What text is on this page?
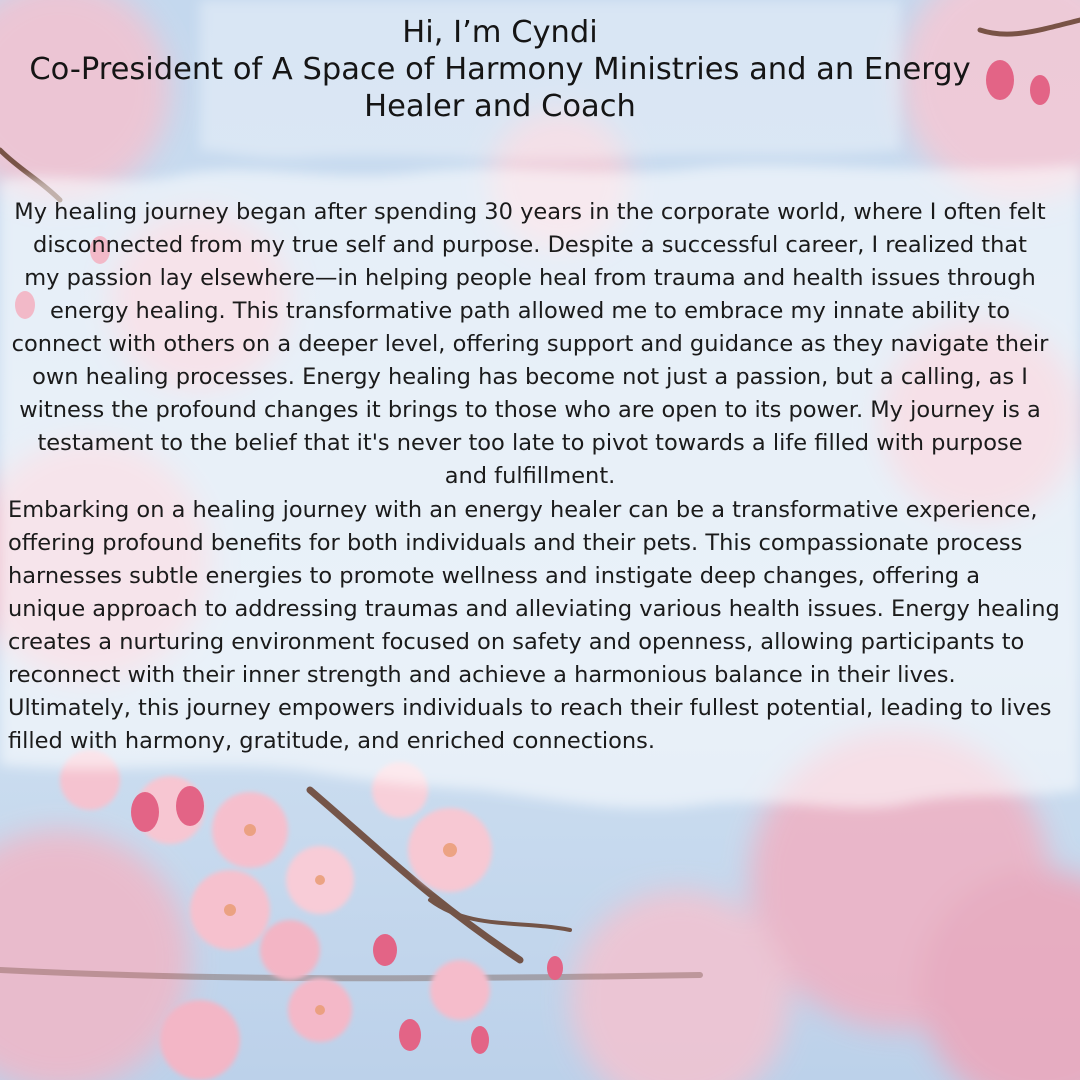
Hi, I’m Cyndi
Co-President of A Space of Harmony Ministries and an Energy
Healer and Coach
My healing journey began after spending 30 years in the corporate world, where I often felt
disconnected from my true self and purpose. Despite a successful career, I realized that
my passion lay elsewhere—in helping people heal from trauma and health issues through
energy healing. This transformative path allowed me to embrace my innate ability to
connect with others on a deeper level, offering support and guidance as they navigate their
own healing processes. Energy healing has become not just a passion, but a calling, as I
witness the profound changes it brings to those who are open to its power. My journey is a
testament to the belief that it's never too late to pivot towards a life filled with purpose
and fulfillment.
Embarking on a healing journey with an energy healer can be a transformative experience,
offering profound benefits for both individuals and their pets. This compassionate process
harnesses subtle energies to promote wellness and instigate deep changes, offering a
unique approach to addressing traumas and alleviating various health issues. Energy healing
creates a nurturing environment focused on safety and openness, allowing participants to
reconnect with their inner strength and achieve a harmonious balance in their lives.
Ultimately, this journey empowers individuals to reach their fullest potential, leading to lives
filled with harmony, gratitude, and enriched connections.
